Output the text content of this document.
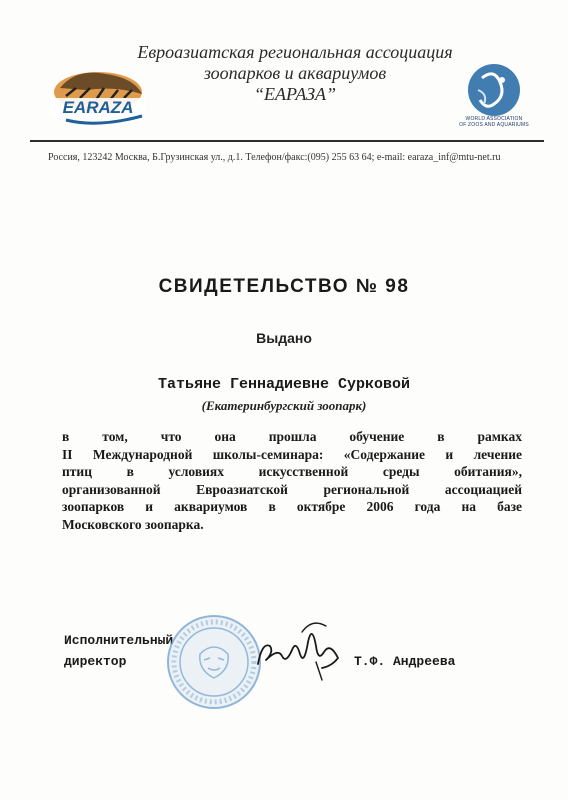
EARAZA
Евроазиатская региональная ассоциация
зоопарков и аквариумов
“ЕАРАЗА”
WORLD ASSOCIATION
OF ZOOS AND AQUARIUMS
Россия, 123242 Москва, Б.Грузинская ул., д.1. Телефон/факс:(095) 255 63 64; e-mail: earaza_inf@mtu-net.ru
СВИДЕТЕЛЬСТВО № 98
Выдано
Татьяне Геннадиевне Сурковой
(Екатеринбургский зоопарк)
в том, что она прошла обучение в рамках
II Международной школы-семинара: «Содержание и лечение
птиц в условиях искусственной среды обитания»,
организованной Евроазиатской региональной ассоциацией
зоопарков и аквариумов в октябре 2006 года на базе
Московского зоопарка.
Исполнительный
директор	Т.Ф. Андреева
